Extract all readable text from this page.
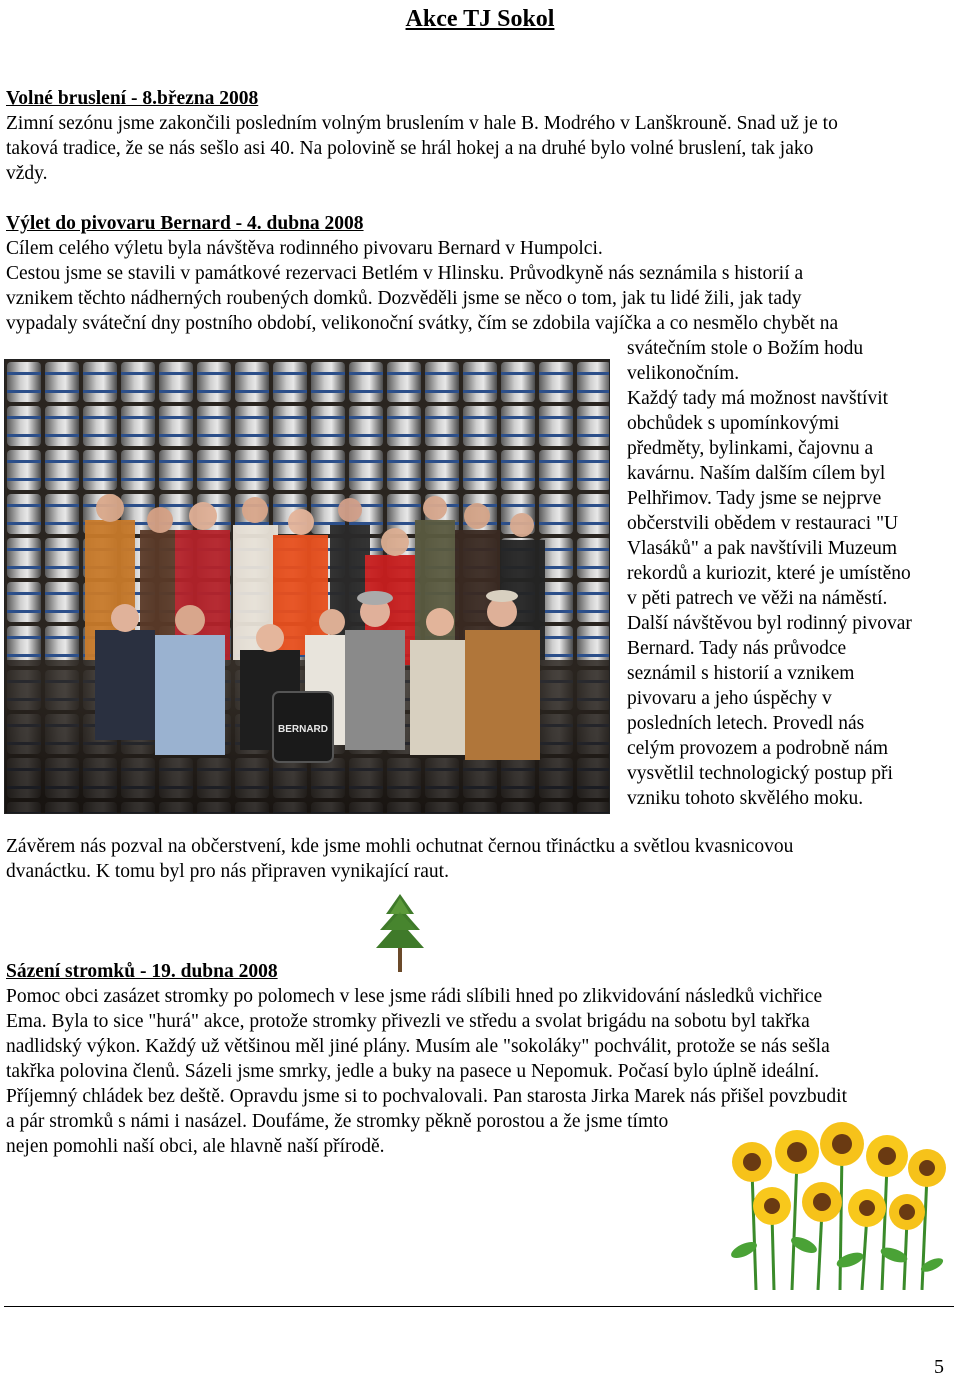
Akce TJ Sokol
Volné bruslení - 8.března 2008
Zimní sezónu jsme zakončili posledním volným bruslením v hale B. Modrého v Lanškrouně. Snad už je to
taková tradice, že se nás sešlo asi 40. Na polovině se hrál hokej a na druhé bylo volné bruslení, tak jako
vždy.
Výlet do pivovaru Bernard - 4. dubna 2008
Cílem celého výletu byla návštěva rodinného pivovaru Bernard v Humpolci.
Cestou jsme se stavili v památkové rezervaci Betlém v Hlinsku. Průvodkyně nás seznámila s historií a
vznikem těchto nádherných roubených domků. Dozvěděli jsme se něco o tom, jak tu lidé žili, jak tady
vypadaly sváteční dny postního období, velikonoční svátky, čím se zdobila vajíčka a co nesmělo chybět na
BERNARD
svátečním stole o Božím hodu
velikonočním.
Každý tady má možnost navštívit
obchůdek s upomínkovými
předměty, bylinkami, čajovnu a
kavárnu. Naším dalším cílem byl
Pelhřimov. Tady jsme se nejprve
občerstvili obědem v restauraci "U
Vlasáků" a pak navštívili Muzeum
rekordů a kuriozit, které je umístěno
v pěti patrech ve věži na náměstí.
Další návštěvou byl rodinný pivovar
Bernard. Tady nás průvodce
seznámil s historií a vznikem
pivovaru a jeho úspěchy v
posledních letech. Provedl nás
celým provozem a podrobně nám
vysvětlil technologický postup při
vzniku tohoto skvělého moku.
Závěrem nás pozval na občerstvení, kde jsme mohli ochutnat černou třináctku a světlou kvasnicovou
dvanáctku. K tomu byl pro nás připraven vynikající raut.
Sázení stromků - 19. dubna 2008
Pomoc obci zasázet stromky po polomech v lese jsme rádi slíbili hned po zlikvidování následků vichřice
Ema. Byla to sice "hurá" akce, protože stromky přivezli ve středu a svolat brigádu na sobotu byl takřka
nadlidský výkon. Každý už většinou měl jiné plány. Musím ale "sokoláky" pochválit, protože se nás sešla
takřka polovina členů. Sázeli jsme smrky, jedle a buky na pasece u Nepomuk. Počasí bylo úplně ideální.
Příjemný chládek bez deště. Opravdu jsme si to pochvalovali. Pan starosta Jirka Marek nás přišel povzbudit
a pár stromků s námi i nasázel. Doufáme, že stromky pěkně porostou a že jsme tímto
nejen pomohli naší obci, ale hlavně naší přírodě.
5
